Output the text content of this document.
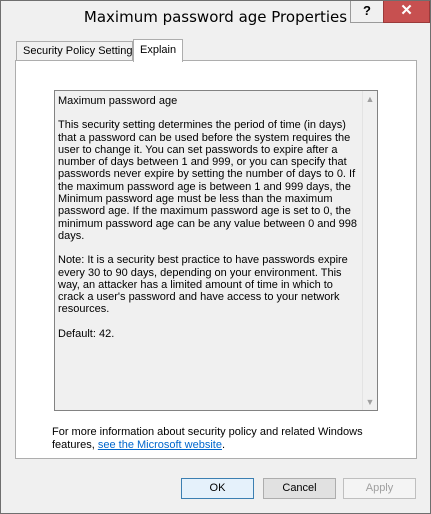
Maximum password age Properties	?	✕
Security Policy Setting Explain

Maximum password age

This security setting determines the period of time (in days) that a password can be used before the system requires the user to change it. You can set passwords to expire after a number of days between 1 and 999, or you can specify that passwords never expire by setting the number of days to 0. If the maximum password age is between 1 and 999 days, the Minimum password age must be less than the maximum password age. If the maximum password age is set to 0, the minimum password age can be any value between 0 and 998 days.

Note: It is a security best practice to have passwords expire every 30 to 90 days, depending on your environment. This way, an attacker has a limited amount of time in which to crack a user's password and have access to your network resources.

Default: 42.

▲
▼
For more information about security policy and related Windows features, see the Microsoft website.
OK	Cancel	Apply
